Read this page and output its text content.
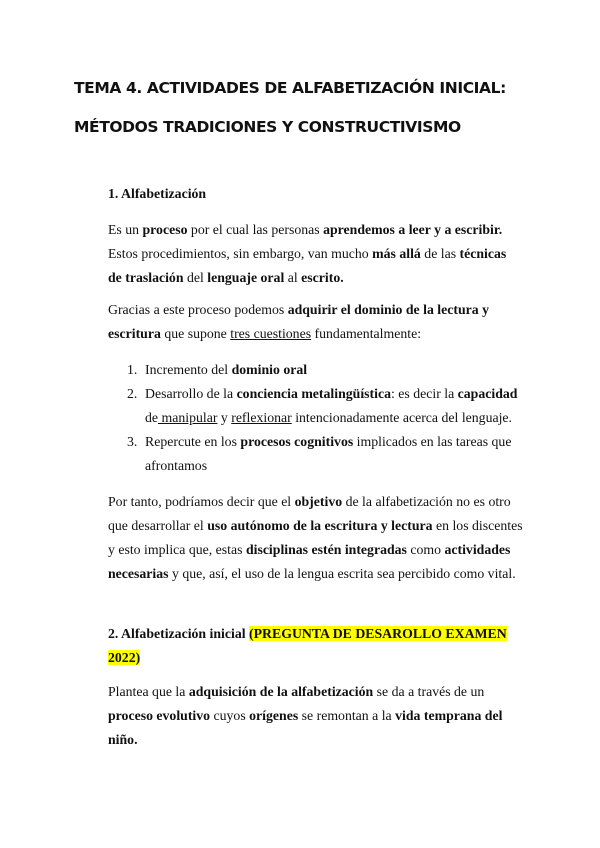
TEMA 4. ACTIVIDADES DE ALFABETIZACIÓN INICIAL:
MÉTODOS TRADICIONES Y CONSTRUCTIVISMO
1. Alfabetización

Es un proceso por el cual las personas aprendemos a leer y a escribir. Estos procedimientos, sin embargo, van mucho más allá de las técnicas de traslación del lenguaje oral al escrito.

Gracias a este proceso podemos adquirir el dominio de la lectura y escritura que supone tres cuestiones fundamentalmente:

1. Incremento del dominio oral
2. Desarrollo de la conciencia metalingüística: es decir la capacidad de manipular y reflexionar intencionadamente acerca del lenguaje.
3. Repercute en los procesos cognitivos implicados en las tareas que afrontamos

Por tanto, podríamos decir que el objetivo de la alfabetización no es otro que desarrollar el uso autónomo de la escritura y lectura en los discentes y esto implica que, estas disciplinas estén integradas como actividades necesarias y que, así, el uso de la lengua escrita sea percibido como vital.

2. Alfabetización inicial (PREGUNTA DE DESAROLLO EXAMEN 2022)

Plantea que la adquisición de la alfabetización se da a través de un proceso evolutivo cuyos orígenes se remontan a la vida temprana del niño.
